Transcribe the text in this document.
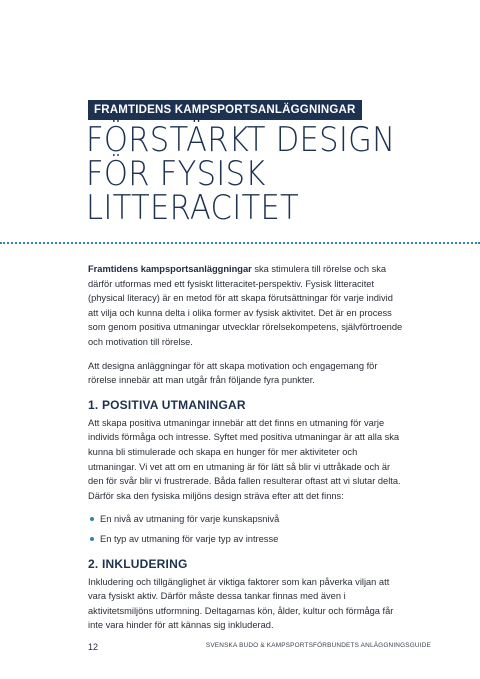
FRAMTIDENS KAMPSPORTSANLÄGGNINGAR
FÖRSTÄRKT DESIGN
FÖR FYSISK
LITTERACITET

Framtidens kampsportsanläggningar ska stimulera till rörelse och ska därför utformas med ett fysiskt litteracitet-perspektiv. Fysisk litteracitet (physical literacy) är en metod för att skapa förutsättningar för varje individ att vilja och kunna delta i olika former av fysisk aktivitet. Det är en process som genom positiva utmaningar utvecklar rörelsekompetens, självförtroende och motivation till rörelse.

Att designa anläggningar för att skapa motivation och engagemang för rörelse innebär att man utgår från följande fyra punkter.

1. POSITIVA UTMANINGAR

Att skapa positiva utmaningar innebär att det finns en utmaning för varje individs förmåga och intresse. Syftet med positiva utmaningar är att alla ska kunna bli stimulerade och skapa en hunger för mer aktiviteter och utmaningar. Vi vet att om en utmaning är för lätt så blir vi uttråkade och är den för svår blir vi frustrerade. Båda fallen resulterar oftast att vi slutar delta. Därför ska den fysiska miljöns design sträva efter att det finns:

En nivå av utmaning för varje kunskapsnivå
En typ av utmaning för varje typ av intresse
2. INKLUDERING

Inkludering och tillgänglighet är viktiga faktorer som kan påverka viljan att vara fysiskt aktiv. Därför måste dessa tankar finnas med även i aktivitetsmiljöns utformning. Deltagarnas kön, ålder, kultur och förmåga får inte vara hinder för att kännas sig inkluderad.

12	SVENSKA BUDO & KAMPSPORTSFÖRBUNDETS ANLÄGGNINGSGUIDE
